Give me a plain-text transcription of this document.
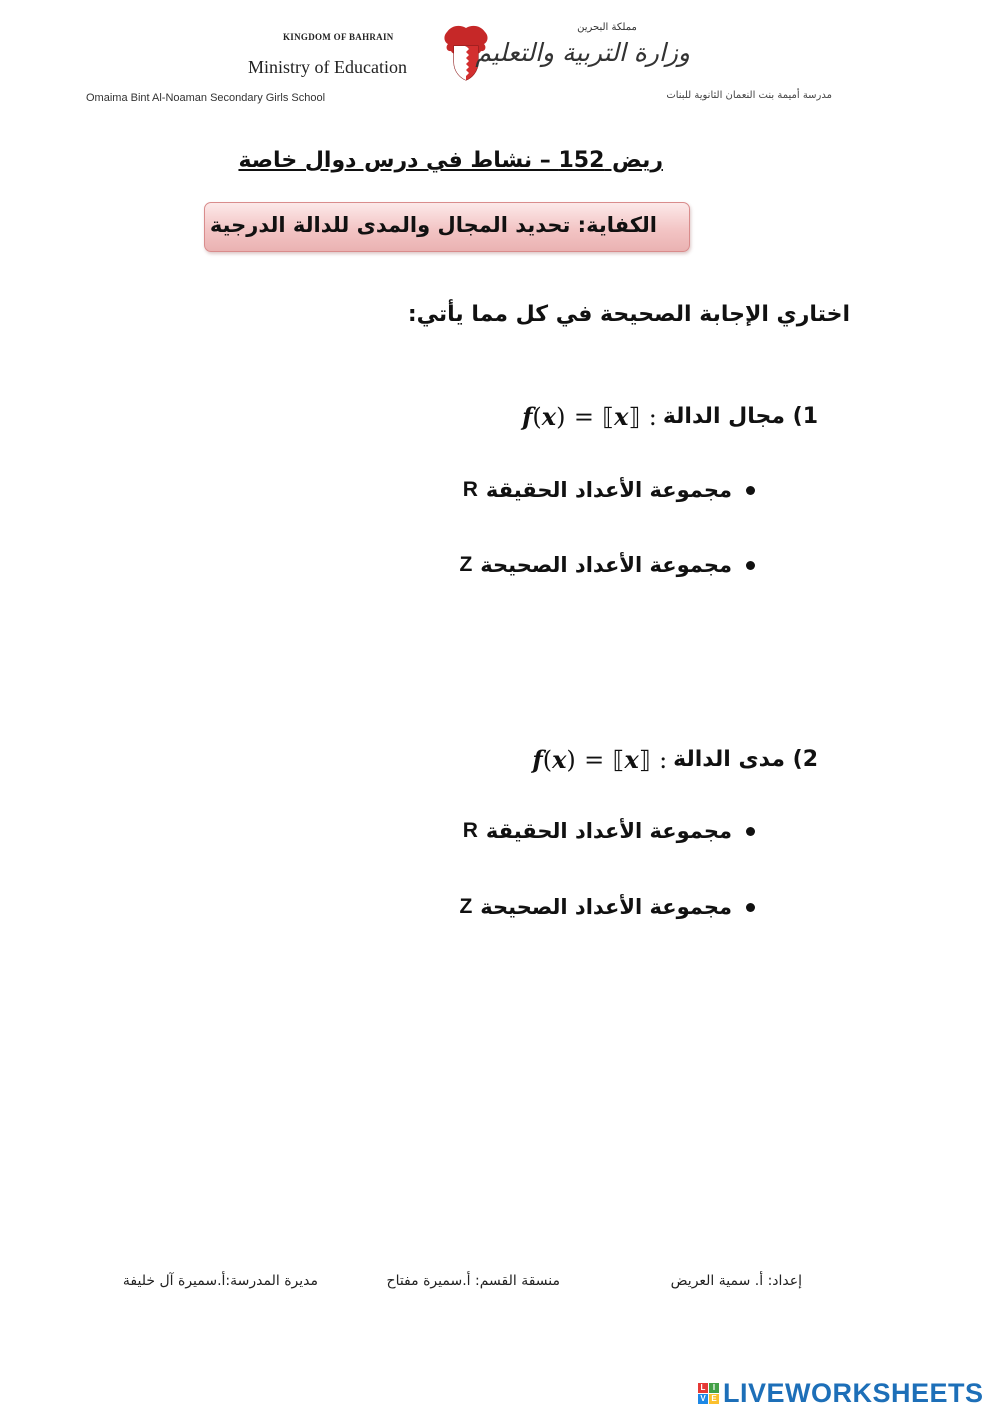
KINGDOM OF BAHRAIN
Ministry of Education
Omaima Bint Al-Noaman Secondary Girls School
مملكة البحرين
وزارة التربية والتعليم
مدرسة أميمة بنت النعمان الثانوية للبنات
ريض 152 – نشاط في درس دوال خاصة
الكفاية: تحديد المجال والمدى للدالة الدرجية
اختاري الإجابة الصحيحة في كل مما يأتي:
1) مجال الدالة
f(x) = ⟦x⟧ :
مجموعة الأعداد الحقيقة
R
مجموعة الأعداد الصحيحة
Z
2) مدى الدالة
f(x) = ⟦x⟧ :
مجموعة الأعداد الحقيقة
R
مجموعة الأعداد الصحيحة
Z
إعداد: أ. سمية العريض
منسقة القسم: أ.سميرة مفتاح
مديرة المدرسة:أ.سميرة آل خليفة
L I
V E LIVEWORKSHEETS
